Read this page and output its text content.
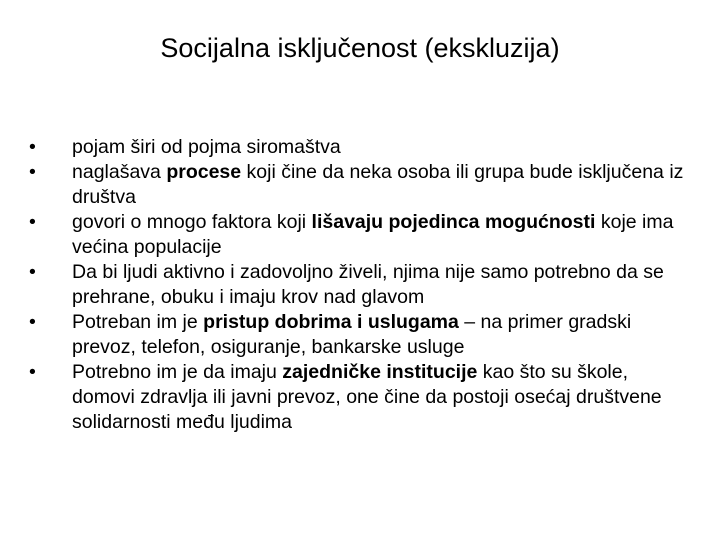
Socijalna isključenost (ekskluzija)
•	pojam širi od pojma siromaštva
•	naglašava procese koji čine da neka osoba ili grupa bude isključena iz društva
•	govori o mnogo faktora koji lišavaju pojedinca mogućnosti koje ima većina populacije
•	Da bi ljudi aktivno i zadovoljno živeli, njima nije samo potrebno da se prehrane, obuku i imaju krov nad glavom
•	Potreban im je pristup dobrima i uslugama – na primer gradski prevoz, telefon, osiguranje, bankarske usluge
•	Potrebno im je da imaju zajedničke institucije kao što su škole, domovi zdravlja ili javni prevoz, one čine da postoji osećaj društvene solidarnosti među ljudima
